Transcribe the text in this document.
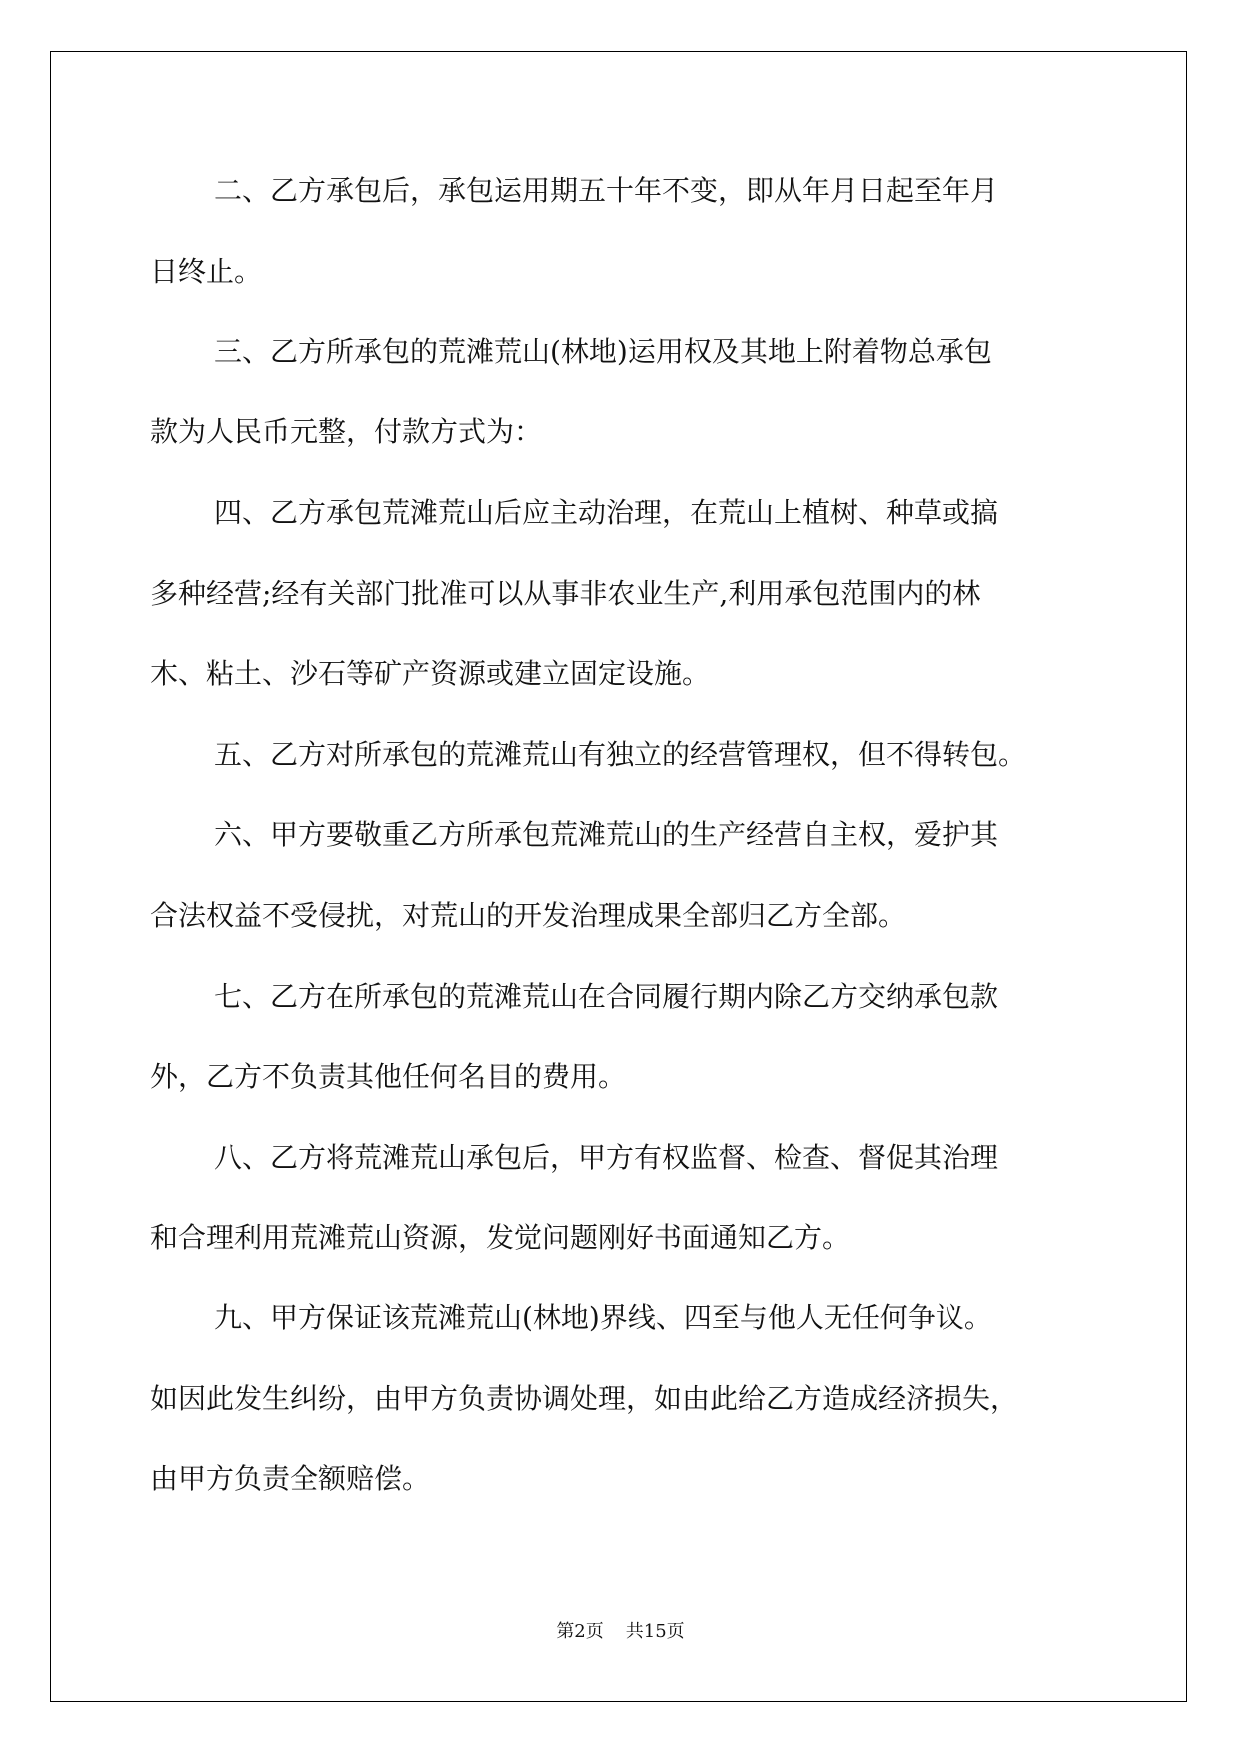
二、乙方承包后，承包运用期五十年不变，即从年月日起至年月
日终止。
三、乙方所承包的荒滩荒山(林地)运用权及其地上附着物总承包
款为人民币元整，付款方式为：
四、乙方承包荒滩荒山后应主动治理，在荒山上植树、种草或搞
多种经营;经有关部门批准可以从事非农业生产,利用承包范围内的林
木、粘土、沙石等矿产资源或建立固定设施。
五、乙方对所承包的荒滩荒山有独立的经营管理权，但不得转包。
六、甲方要敬重乙方所承包荒滩荒山的生产经营自主权，爱护其
合法权益不受侵扰，对荒山的开发治理成果全部归乙方全部。
七、乙方在所承包的荒滩荒山在合同履行期内除乙方交纳承包款
外，乙方不负责其他任何名目的费用。
八、乙方将荒滩荒山承包后，甲方有权监督、检查、督促其治理
和合理利用荒滩荒山资源，发觉问题刚好书面通知乙方。
九、甲方保证该荒滩荒山(林地)界线、四至与他人无任何争议。
如因此发生纠纷，由甲方负责协调处理，如由此给乙方造成经济损失，
由甲方负责全额赔偿。
第2页 共15页
